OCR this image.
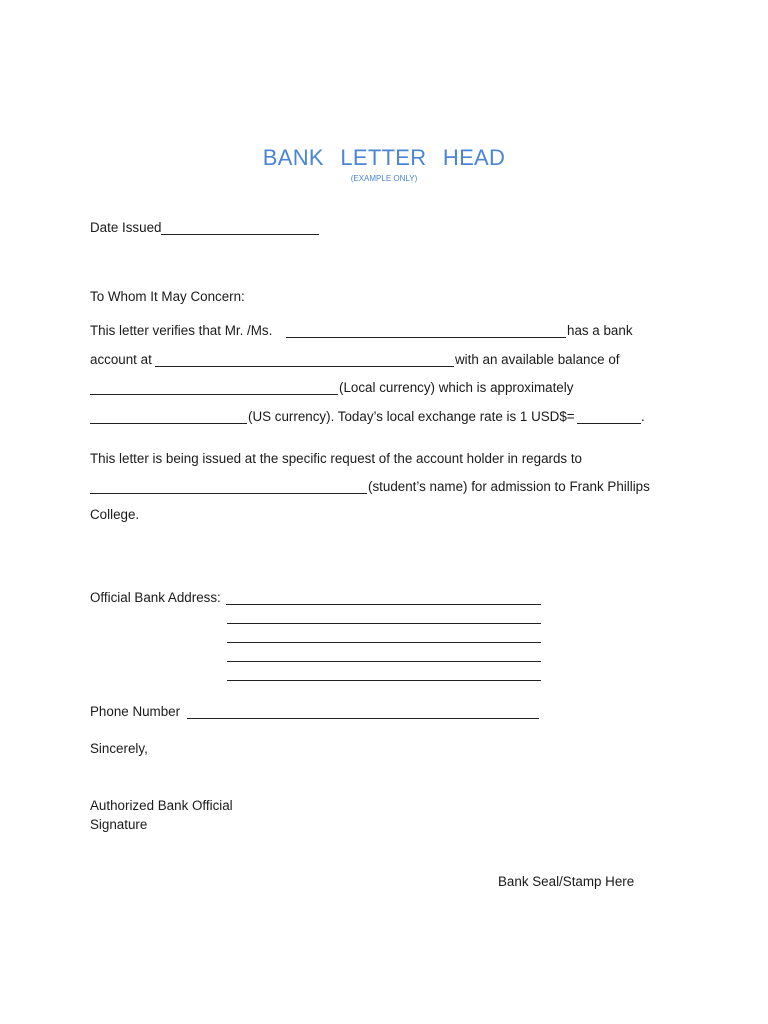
BANK LETTER HEAD
(EXAMPLE ONLY)
Date Issued
To Whom It May Concern:
This letter verifies that Mr. /Ms.	has a bank
account at	with an available balance of
(Local currency) which is approximately
(US currency). Today’s local exchange rate is 1 USD$=	.
This letter is being issued at the specific request of the account holder in regards to
(student’s name) for admission to Frank Phillips
College.
Official Bank Address:
Phone Number
Sincerely,
Authorized Bank Official
Signature
Bank Seal/Stamp Here
